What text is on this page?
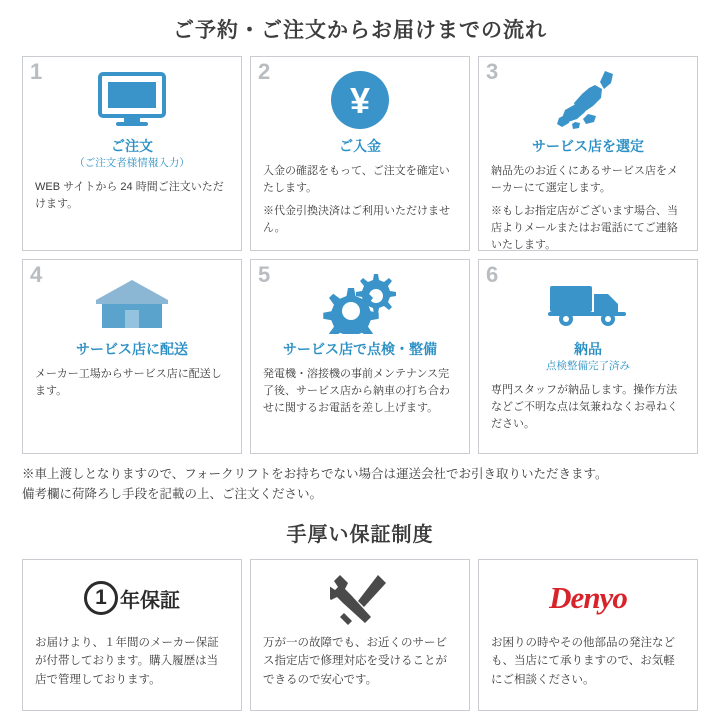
ご予約・ご注文からお届けまでの流れ
1
ご注文
（ご注文者様情報入力）

WEB サイトから 24 時間ご注文いただけます。

2
¥
ご入金

入金の確認をもって、ご注文を確定いたします。

※代金引換決済はご利用いただけません。

3
サービス店を選定

納品先のお近くにあるサービス店をメーカーにて選定します。

※もしお指定店がございます場合、当店よりメールまたはお電話にてご連絡いたします。

4
サービス店に配送

メーカー工場からサービス店に配送します。

5
サービス店で点検・整備

発電機・溶接機の事前メンテナンス完了後、サービス店から納車の打ち合わせに関するお電話を差し上げます。

6
納品
点検整備完了済み

専門スタッフが納品します。操作方法などご不明な点は気兼ねなくお尋ねください。

※車上渡しとなりますので、フォークリフトをお持ちでない場合は運送会社でお引き取りいただきます。

備考欄に荷降ろし手段を記載の上、ご注文ください。

手厚い保証制度
1 年保証
お届けより、１年間のメーカー保証が付帯しております。購入履歴は当店で管理しております。
万が一の故障でも、お近くのサービス指定店で修理対応を受けることができるので安心です。
Denyo
お困りの時やその他部品の発注なども、当店にて承りますので、お気軽にご相談ください。
